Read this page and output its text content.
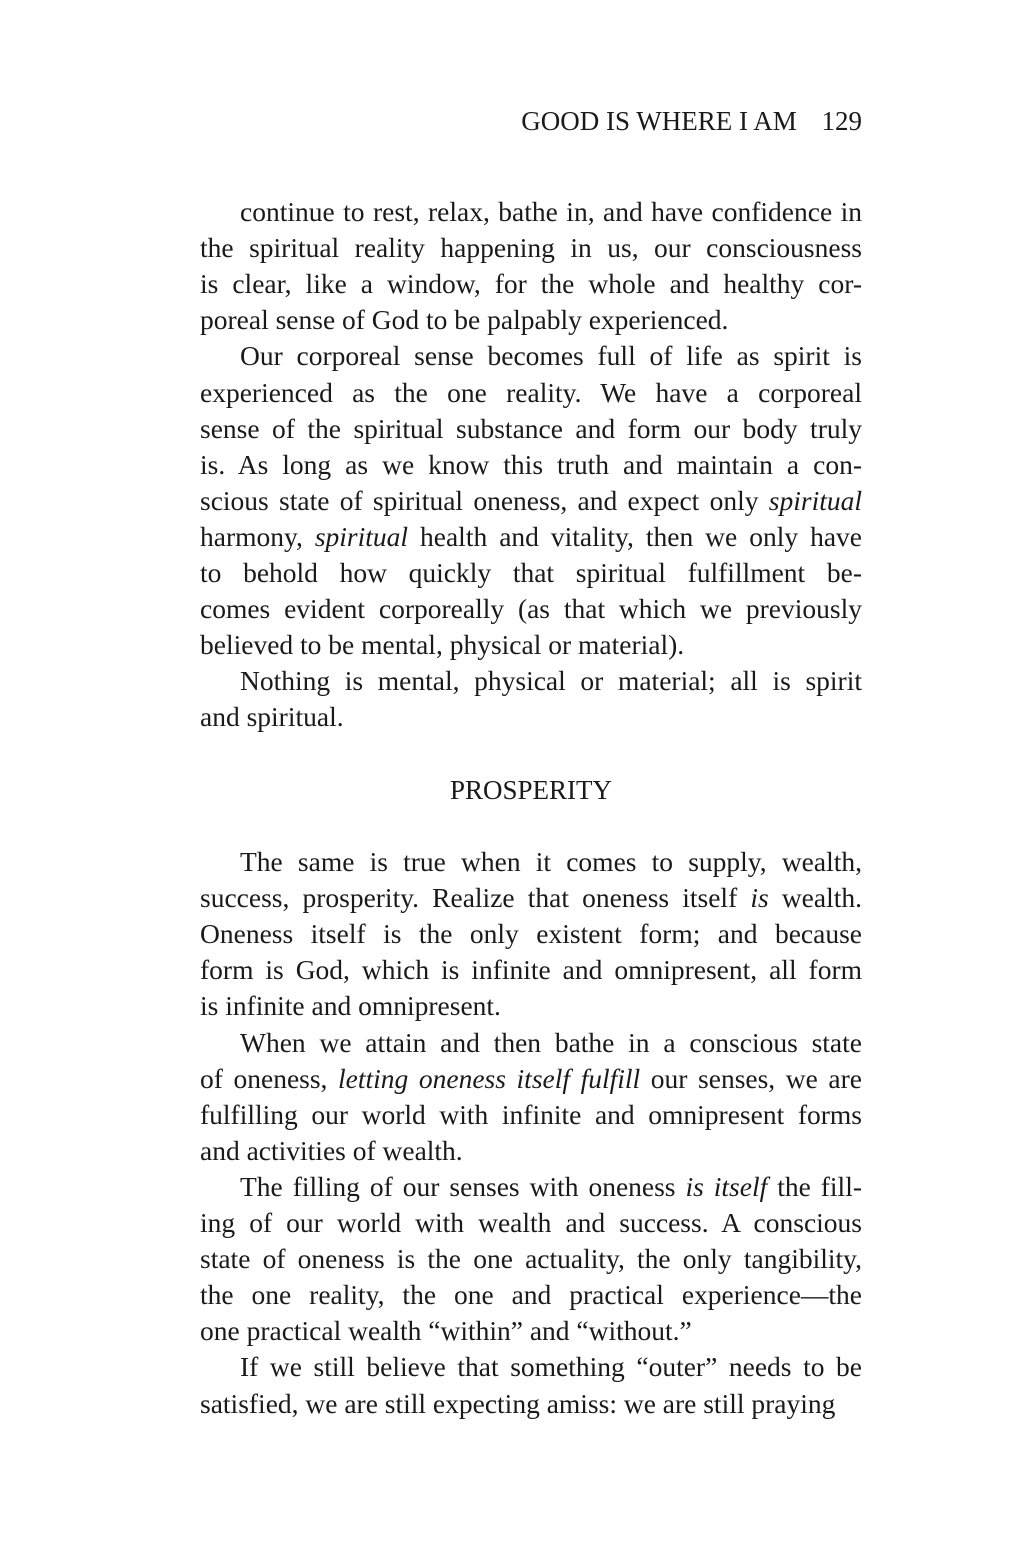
GOOD IS WHERE I AM 129
continue to rest, relax, bathe in, and have confidence in
the spiritual reality happening in us, our consciousness
is clear, like a window, for the whole and healthy cor-
poreal sense of God to be palpably experienced.
Our corporeal sense becomes full of life as spirit is
experienced as the one reality. We have a corporeal
sense of the spiritual substance and form our body truly
is. As long as we know this truth and maintain a con-
scious state of spiritual oneness, and expect only spiritual
harmony, spiritual health and vitality, then we only have
to behold how quickly that spiritual fulfillment be-
comes evident corporeally (as that which we previously
believed to be mental, physical or material).
Nothing is mental, physical or material; all is spirit
and spiritual.
PROSPERITY
The same is true when it comes to supply, wealth,
success, prosperity. Realize that oneness itself is wealth.
Oneness itself is the only existent form; and because
form is God, which is infinite and omnipresent, all form
is infinite and omnipresent.
When we attain and then bathe in a conscious state
of oneness, letting oneness itself fulfill our senses, we are
fulfilling our world with infinite and omnipresent forms
and activities of wealth.
The filling of our senses with oneness is itself the fill-
ing of our world with wealth and success. A conscious
state of oneness is the one actuality, the only tangibility,
the one reality, the one and practical experience—the
one practical wealth “within” and “without.”
If we still believe that something “outer” needs to be
satisfied, we are still expecting amiss: we are still praying
